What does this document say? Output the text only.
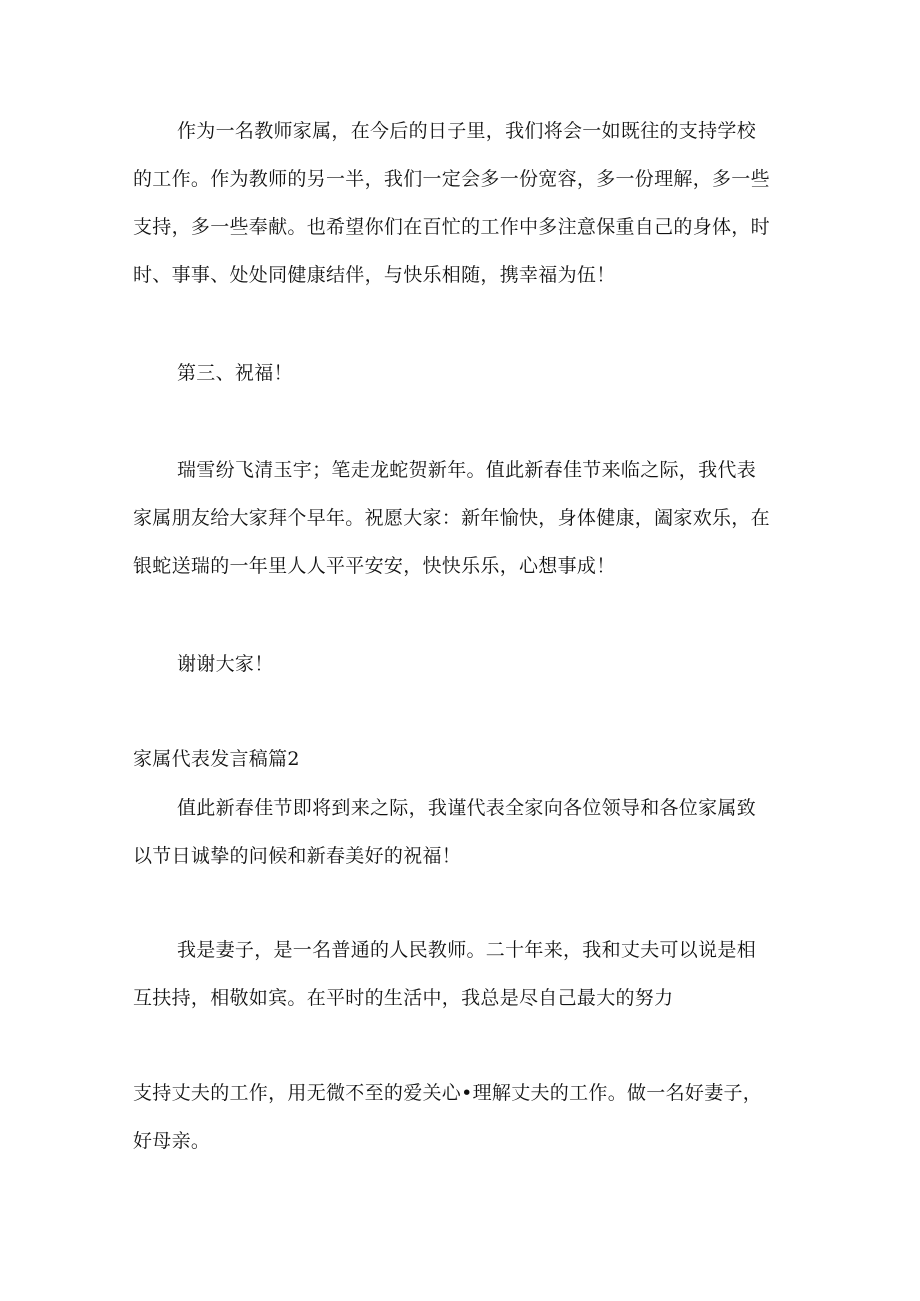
作为一名教师家属，在今后的日子里，我们将会一如既往的支持学校

的工作。作为教师的另一半，我们一定会多一份宽容，多一份理解，多一些

支持，多一些奉献。也希望你们在百忙的工作中多注意保重自己的身体，时

时、事事、处处同健康结伴，与快乐相随，携幸福为伍！

第三、祝福！

瑞雪纷飞清玉宇；笔走龙蛇贺新年。值此新春佳节来临之际，我代表

家属朋友给大家拜个早年。祝愿大家：新年愉快，身体健康，阖家欢乐，在

银蛇送瑞的一年里人人平平安安，快快乐乐，心想事成！

谢谢大家！

家属代表发言稿篇2

值此新春佳节即将到来之际，我谨代表全家向各位领导和各位家属致

以节日诚挚的问候和新春美好的祝福！

我是妻子，是一名普通的人民教师。二十年来，我和丈夫可以说是相

互扶持，相敬如宾。在平时的生活中，我总是尽自己最大的努力

支持丈夫的工作，用无微不至的爱关心•理解丈夫的工作。做一名好妻子，

好母亲。
